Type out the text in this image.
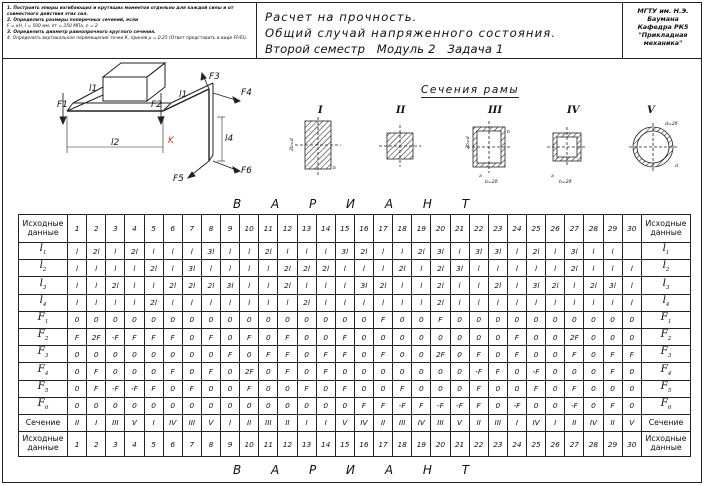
1. Построить эпюры изгибающих и крутящих моментов отдельно для каждой силы и от совместного действия этих сил.
2. Определить размеры поперечных сечений, если
F = кН, l = 500 мм, σт = 350 МПа, n = 2
3. Определить диаметр равнопрочного круглого сечения.
4. Определить вертикальное перемещение точки К, приняв μ = 0.25 (Ответ представить в виде FF/EI).
Расчет на прочность.
Общий случай напряженного состояния.
Второй семестр   Модуль 2   Задача 1
МГТУ им. Н.Э. Баумана
Кафедра РК5
"Прикладная механика"
F1
l1
F2
l1
F3
F4
l2	K	l4
F5
F6
Сечения рамы
I	II	III	IV	V
2b=d
b
2b=d
b
a
b=2δ
a
b=2δ
d=2δ
d
В А Р И А Н Т
В А Р И А Н Т
Исходные данные	1	2	3	4	5	6	7	8	9	10	11	12	13	14	15	16	17	18	19	20	21	22	23	24	25	26	27	28	29	30	Исходные данные
$l_1$	l	2l	l	2l	l	l	l	3l	l	l	2l	l	l	l	3l	2l	l	l	2l	3l	l	3l	3l	l	2l	l	3l	l	l		$l_1$
$l_2$	l	l	l	l	2l	l	3l	l	l	l	l	2l	2l	2l	l	l	l	2l	l	2l	3l	l	l	l	l	l	2l	l	l	l	$l_2$
$l_3$	l	l	2l	l	l	2l	2l	2l	3l	l	l	2l	l	l	l	3l	2l	l	l	2l	l	l	2l	l	3l	2l	l	2l	3l	l	$l_3$
$l_4$	l	l	l	l	2l	l	l	l	l	l	l	l	2l	l	l	l	l	l	l	2l	l	l	l	l	l	l	l	l	l	l	$l_4$
$F_1$	0	0	0	0	0	0	0	0	0	0	0	0	0	0	0	0	F	0	0	F	0	0	0	0	0	0	0	0	0	0	$F_1$
$F_2$	F	2F	-F	F	F	F	0	F	0	F	0	F	0	0	F	0	0	0	0	0	0	0	0	F	0	0	2F	0	0	0	$F_2$
$F_3$	0	0	0	0	0	0	0	0	F	0	F	F	0	F	F	0	F	0	0	2F	0	F	0	F	0	0	F	0	F	F	$F_3$
$F_4$	0	F	0	0	0	F	0	F	0	2F	0	F	0	F	0	0	0	0	0	0	0	-F	F	0	-F	0	0	0	F	0	$F_4$
$F_5$	0	F	-F	-F	F	0	F	0	0	F	0	0	F	0	F	0	0	F	0	0	0	F	0	0	F	0	F	0	0	0	$F_5$
$F_6$	0	0	0	0	0	0	0	0	0	0	0	0	0	0	0	F	F	-F	F	-F	-F	F	0	-F	0	0	-F	0	F	0	$F_6$
Сечение	II	I	III	V	I	IV	III	V	I	II	III	II	I	I	V	IV	II	III	IV	III	V	II	III	I	IV	I	II	IV	II	V	Сечение
Исходные данные	1	2	3	4	5	6	7	8	9	10	11	12	13	14	15	16	17	18	19	20	21	22	23	24	25	26	27	28	29	30	Исходные данные
